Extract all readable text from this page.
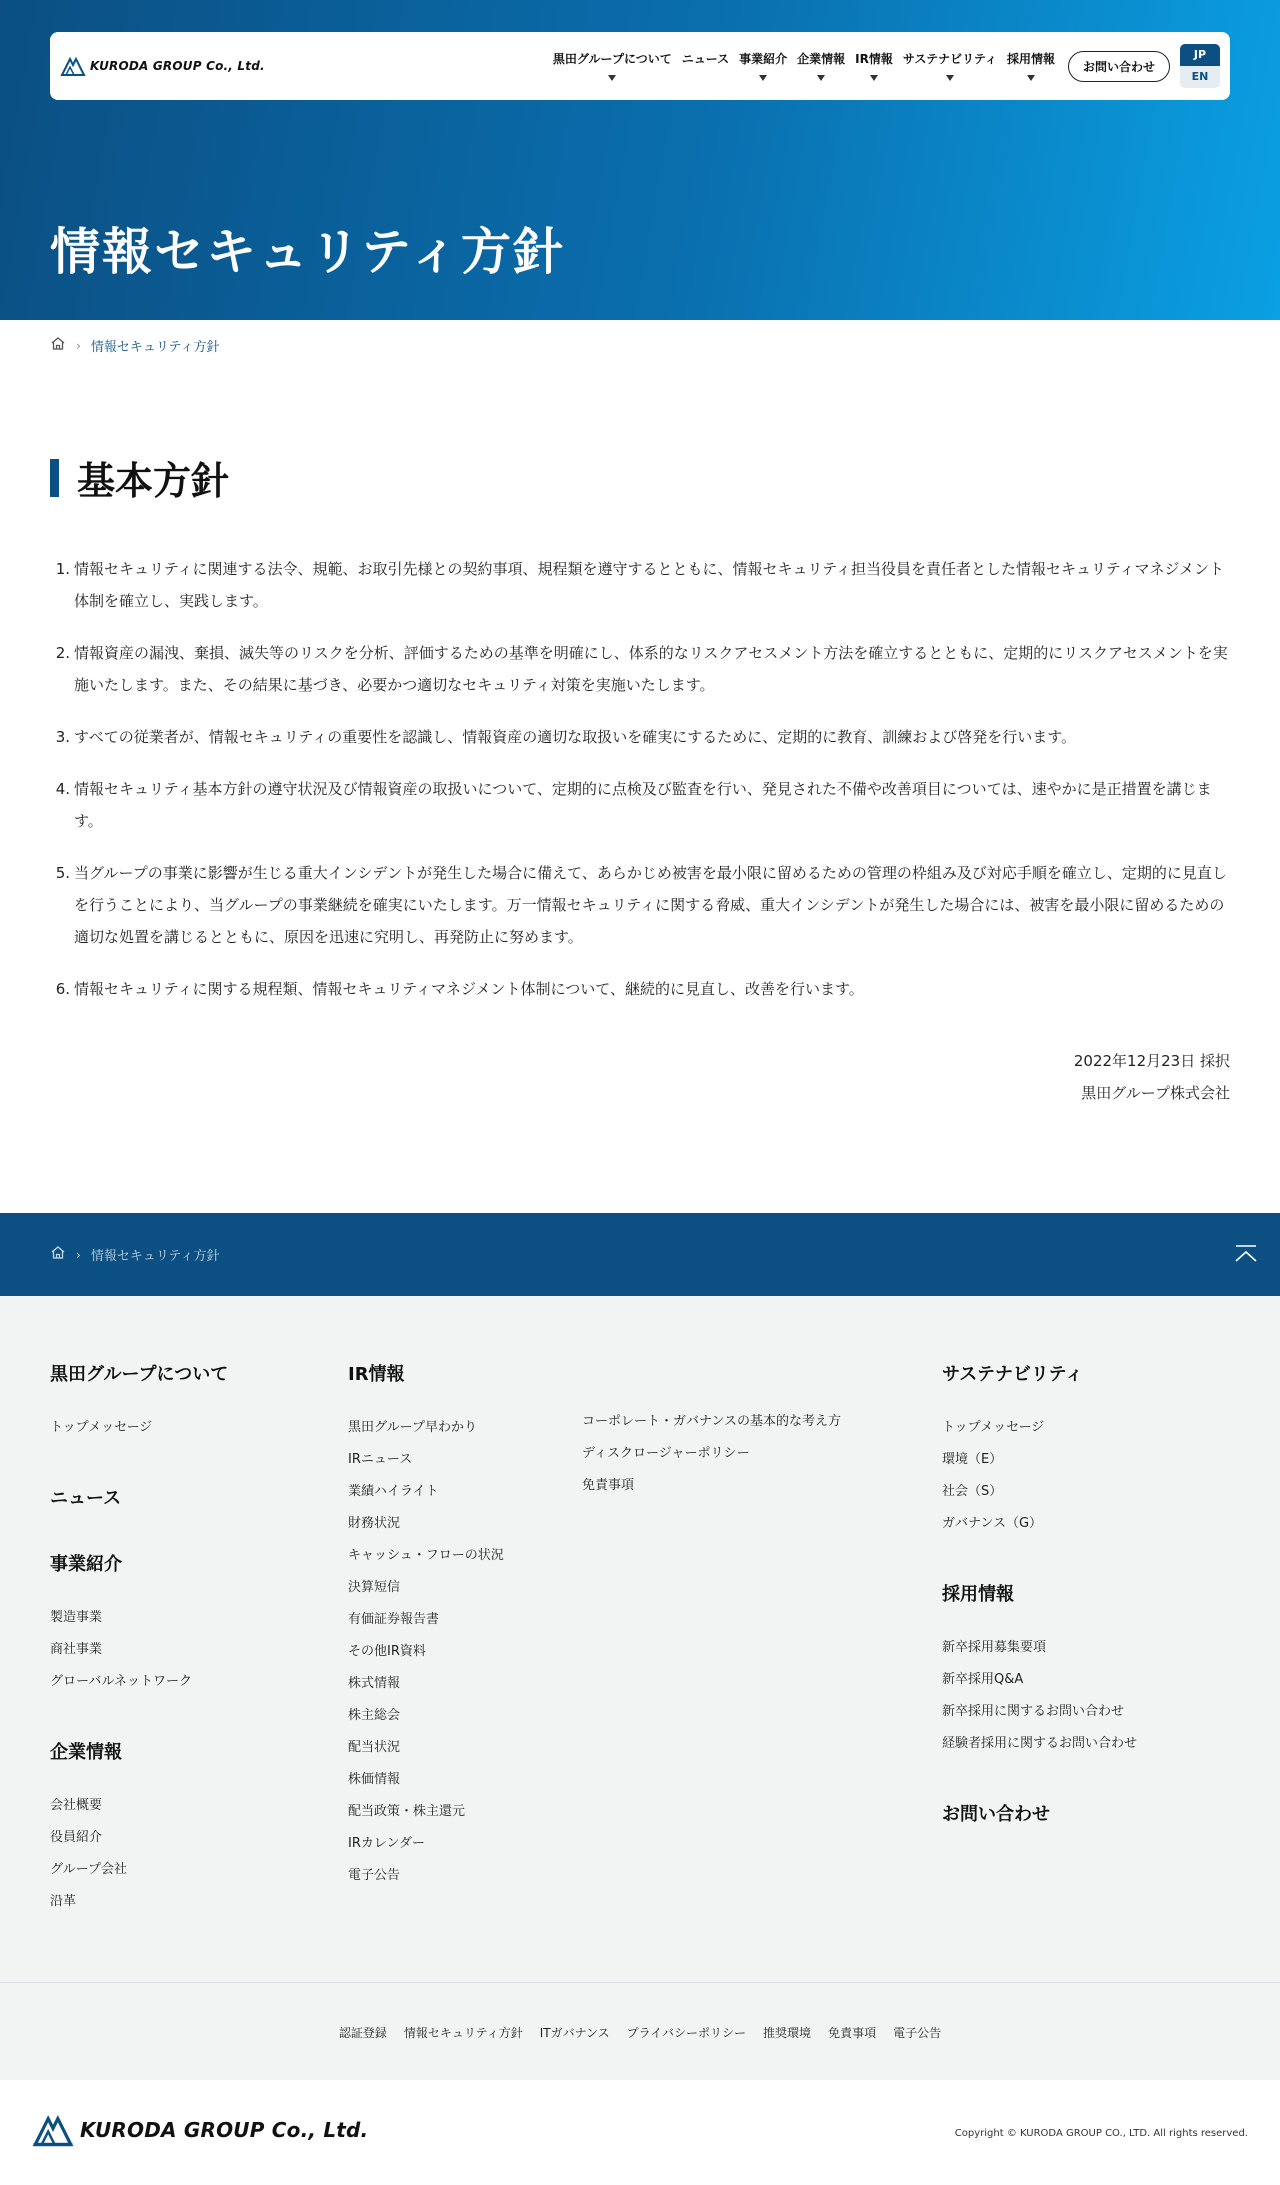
KURODA GROUP Co., Ltd.	黒田グループについて ニュース 事業紹介 企業情報 IR情報 サステナビリティ 採用情報
お問い合わせ
JP
EN
情報セキュリティ方針
› 情報セキュリティ方針
基本方針
1. 情報セキュリティに関連する法令、規範、お取引先様との契約事項、規程類を遵守するとともに、情報セキュリティ担当役員を責任者とした情報セキュリティマネジメント体制を確立し、実践します。
2. 情報資産の漏洩、棄損、滅失等のリスクを分析、評価するための基準を明確にし、体系的なリスクアセスメント方法を確立するとともに、定期的にリスクアセスメントを実施いたします。また、その結果に基づき、必要かつ適切なセキュリティ対策を実施いたします。
3. すべての従業者が、情報セキュリティの重要性を認識し、情報資産の適切な取扱いを確実にするために、定期的に教育、訓練および啓発を行います。
4. 情報セキュリティ基本方針の遵守状況及び情報資産の取扱いについて、定期的に点検及び監査を行い、発見された不備や改善項目については、速やかに是正措置を講じます。
5. 当グループの事業に影響が生じる重大インシデントが発生した場合に備えて、あらかじめ被害を最小限に留めるための管理の枠組み及び対応手順を確立し、定期的に見直しを行うことにより、当グループの事業継続を確実にいたします。万一情報セキュリティに関する脅威、重大インシデントが発生した場合には、被害を最小限に留めるための適切な処置を講じるとともに、原因を迅速に究明し、再発防止に努めます。
6. 情報セキュリティに関する規程類、情報セキュリティマネジメント体制について、継続的に見直し、改善を行います。
2022年12月23日 採択
黒田グループ株式会社
› 情報セキュリティ方針
黒田グループについて
トップメッセージ
ニュース
事業紹介
製造事業
商社事業
グローバルネットワーク
企業情報
会社概要
役員紹介
グループ会社
沿革
IR情報
黒田グループ早わかり
IRニュース
業績ハイライト
財務状況
キャッシュ・フローの状況
決算短信
有価証券報告書
その他IR資料
株式情報
株主総会
配当状況
株価情報
配当政策・株主還元
IRカレンダー
電子公告
コーポレート・ガバナンスの基本的な考え方
ディスクロージャーポリシー
免責事項
サステナビリティ
トップメッセージ
環境（E）
社会（S）
ガバナンス（G）
採用情報
新卒採用募集要項
新卒採用Q&A
新卒採用に関するお問い合わせ
経験者採用に関するお問い合わせ
お問い合わせ
認証登録 情報セキュリティ方針 ITガバナンス プライバシーポリシー 推奨環境 免責事項 電子公告
KURODA GROUP Co., Ltd.	Copyright © KURODA GROUP CO., LTD. All rights reserved.
